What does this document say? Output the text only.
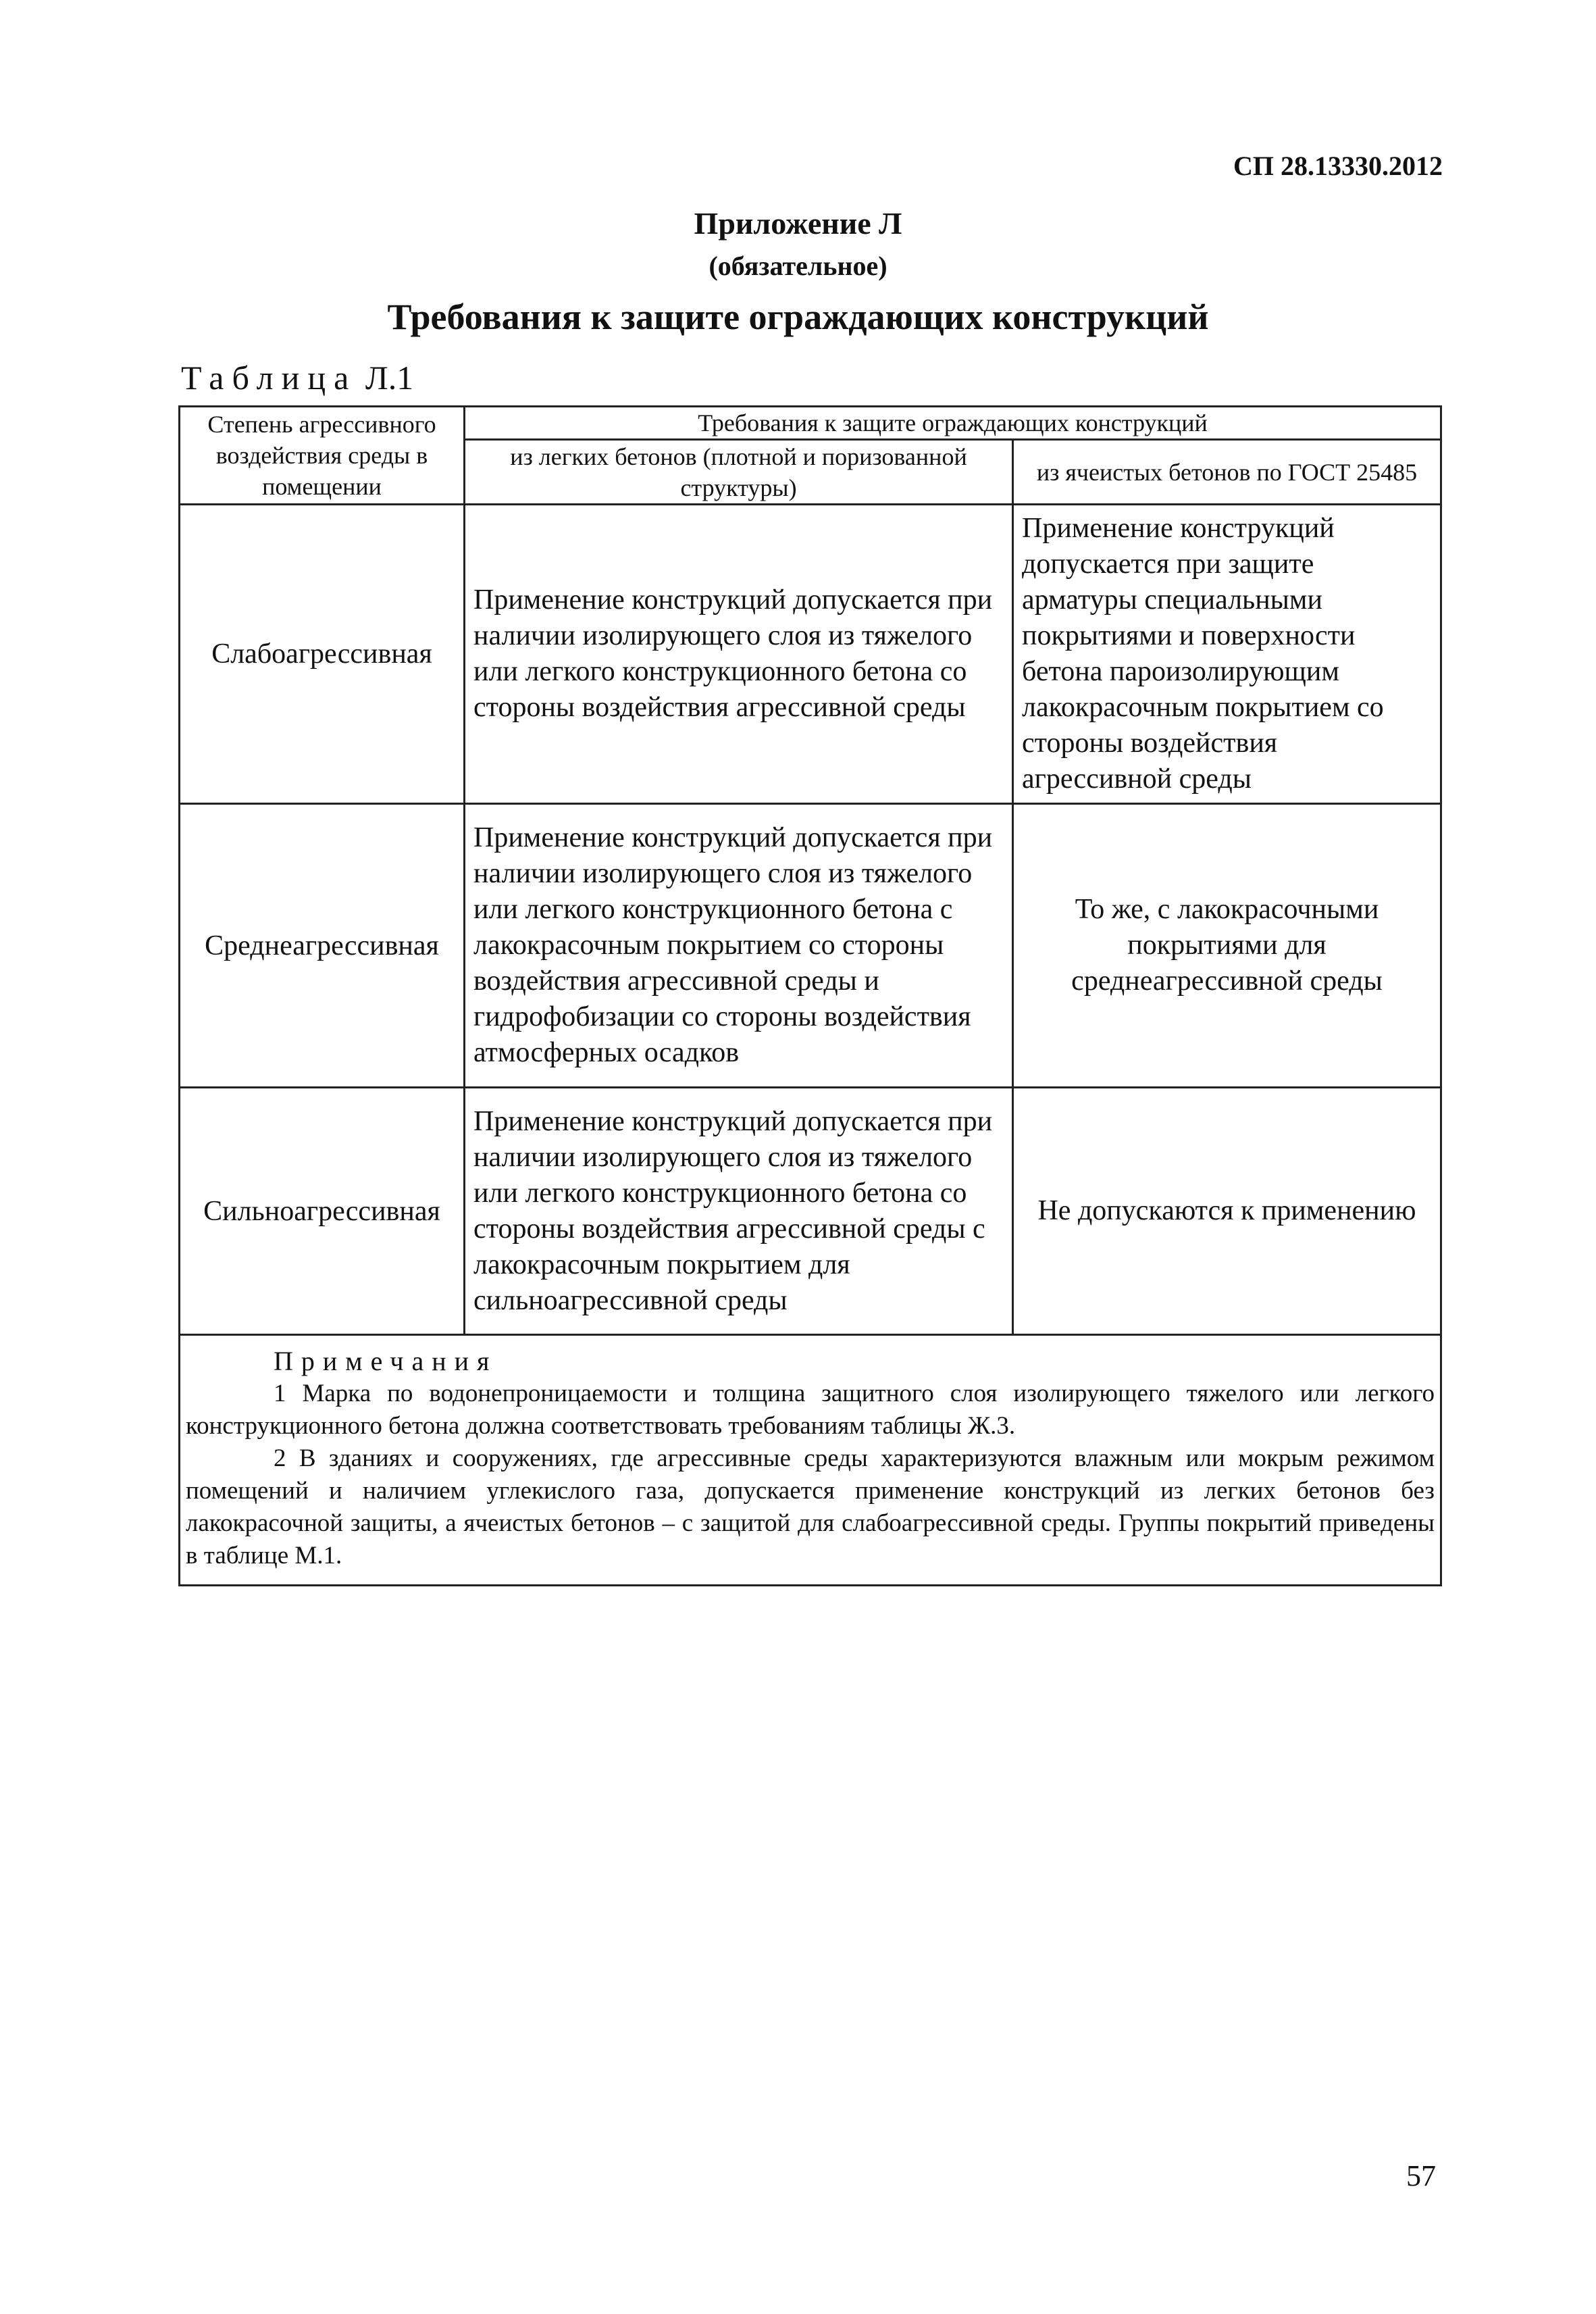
СП 28.13330.2012
Приложение Л
(обязательное)
Требования к защите ограждающих конструкций
Таблица Л.1
Степень агрессивного воздействия среды в помещении	Требования к защите ограждающих конструкций	
	из легких бетонов (плотной и поризованной структуры)	из ячеистых бетонов по ГОСТ 25485
Слабоагрессивная	Применение конструкций допускается при наличии изолирующего слоя из тяжелого или легкого конструкционного бетона со стороны воздействия агрессивной среды	Применение конструкций допускается при защите арматуры специальными покрытиями и поверхности бетона пароизолирующим лакокрасочным покрытием со стороны воздействия агрессивной среды
Среднеагрессивная	Применение конструкций допускается при наличии изолирующего слоя из тяжелого или легкого конструкционного бетона с лакокрасочным покрытием со стороны воздействия агрессивной среды и гидрофобизации со стороны воздействия атмосферных осадков	То же, с лакокрасочными покрытиями для среднеагрессивной среды
Сильноагрессивная	Применение конструкций допускается при наличии изолирующего слоя из тяжелого или легкого конструкционного бетона со стороны воздействия агрессивной среды с лакокрасочным покрытием для сильноагрессивной среды	Не допускаются к применению

Примечания
1 Марка по водонепроницаемости и толщина защитного слоя изолирующего тяжелого или легкого конструкционного бетона должна соответствовать требованиям таблицы Ж.3.
2 В зданиях и сооружениях, где агрессивные среды характеризуются влажным или мокрым режимом помещений и наличием углекислого газа, допускается применение конструкций из легких бетонов без лакокрасочной защиты, а ячеистых бетонов – с защитой для слабоагрессивной среды. Группы покрытий приведены в таблице М.1.		
57
